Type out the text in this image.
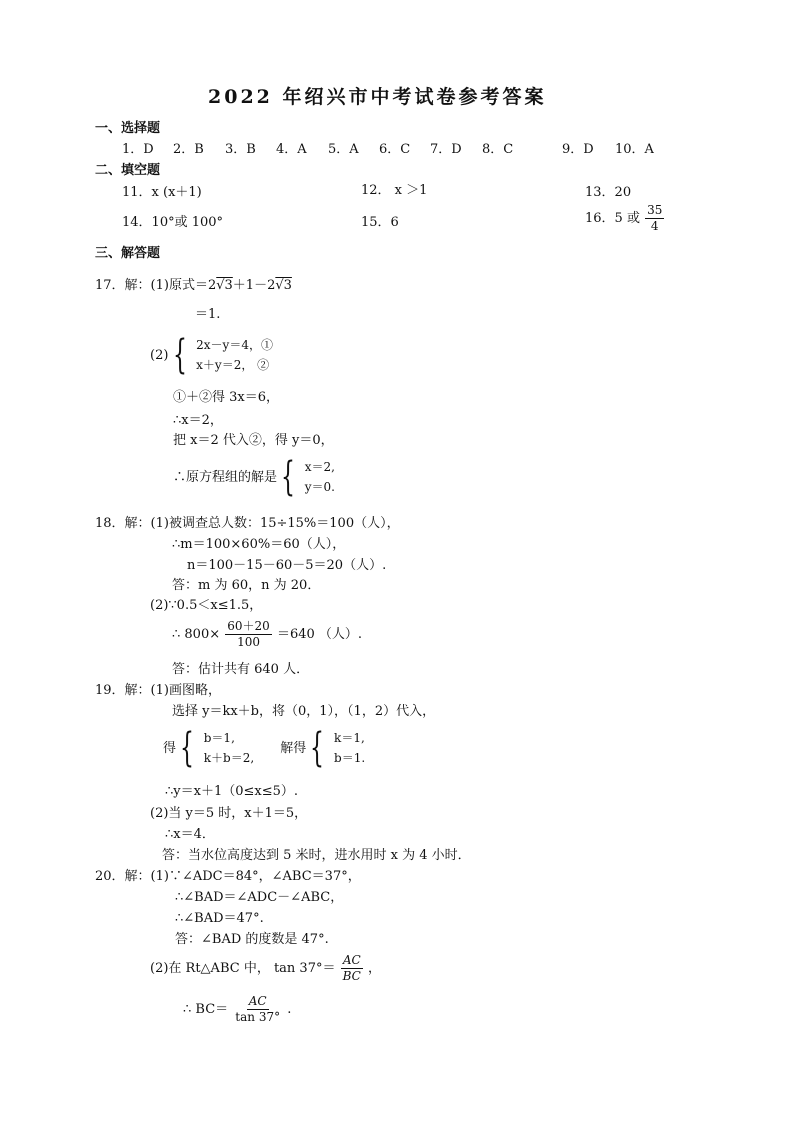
2022 年绍兴市中考试卷参考答案
一、选择题
1．D 2．B 3．B 4．A 5．A 6．C 7．D 8．C	9．D 10．A
二、填空题
11．x (x＋1)	12． x ＞1	13．20
14．10°或 100°	15．6	16．5 或 $\frac{35}{4}$
三、解答题
17．解：(1)原式＝2√3＋1－2√3
＝1.
(2) { 2x－y＝4，①
x＋y＝2， ②
①＋②得 3x＝6，
∴x＝2，
把 x＝2 代入②，得 y＝0，
∴原方程组的解是 { x＝2,
y＝0.
18．解：(1)被调查总人数：15÷15%＝100（人），
∴m＝100×60%＝60（人），
n＝100－15－60－5＝20（人）.
答：m 为 60，n 为 20．
(2)∵0.5＜x≤1.5，
∴ $800\times \frac{60+20}{100} =640$ （人）.
答：估计共有 640 人．
19．解：(1)画图略，
选择 y＝kx＋b，将（0，1），（1，2）代入，
得 { b＝1,
k＋b＝2,
解得 { k＝1,
b＝1.
∴y＝x＋1（0≤x≤5）.
(2)当 y＝5 时，x＋1＝5，
∴x＝4．
答：当水位高度达到 5 米时，进水用时 x 为 4 小时．
20．解：(1)∵∠ADC＝84°，∠ABC＝37°，
∴∠BAD＝∠ADC－∠ABC，
∴∠BAD＝47°.
答：∠BAD 的度数是 47°.
(2)在 Rt△ABC 中， $\tan 37^\circ= \frac{AC}{BC}$ ，
∴ $BC= \frac{AC}{\tan 37^\circ}$ .
